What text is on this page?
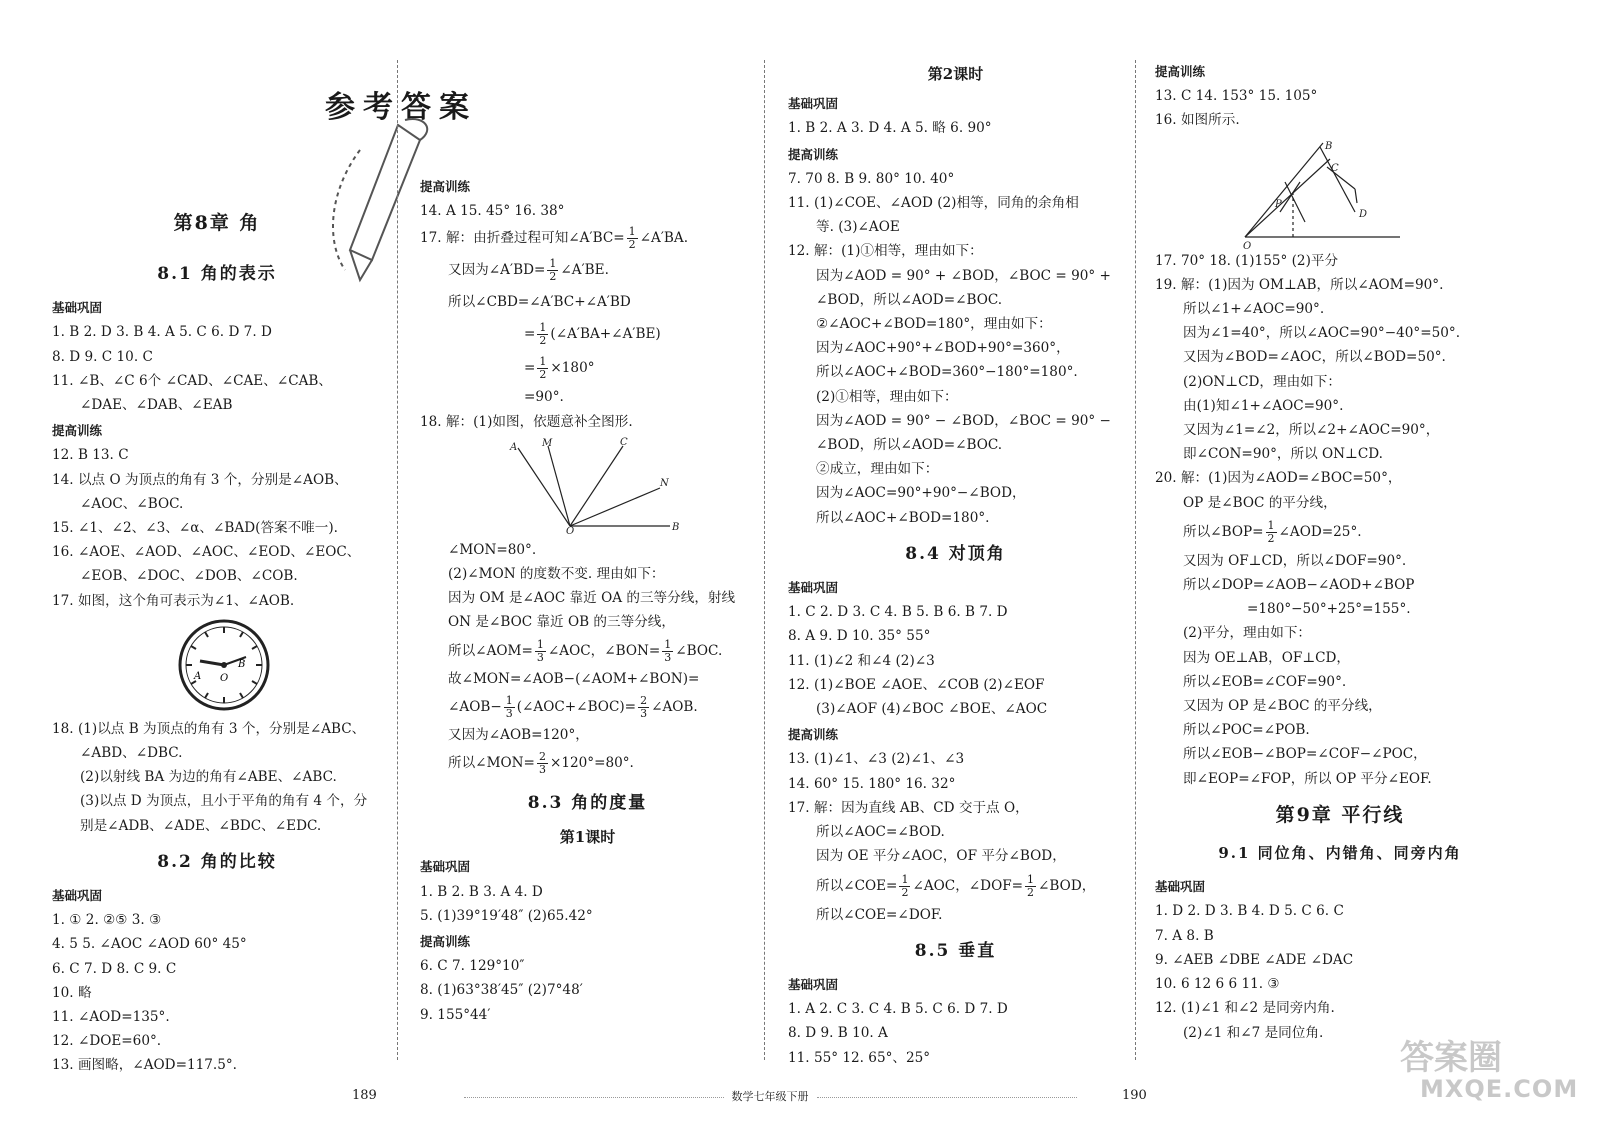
参考答案
第8章 角
8.1 角的表示
基础巩固
1. B 2. D 3. B 4. A 5. C 6. D 7. D
8. D 9. C 10. C
11. ∠B、∠C 6个 ∠CAD、∠CAE、∠CAB、
∠DAE、∠DAB、∠EAB
提高训练
12. B 13. C
14. 以点 O 为顶点的角有 3 个，分别是∠AOB、
∠AOC、∠BOC.
15. ∠1、∠2、∠3、∠α、∠BAD(答案不唯一).
16. ∠AOE、∠AOD、∠AOC、∠EOD、∠EOC、
∠EOB、∠DOC、∠DOB、∠COB.
17. 如图，这个角可表示为∠1、∠AOB.
A
B
O
18. (1)以点 B 为顶点的角有 3 个，分别是∠ABC、
∠ABD、∠DBC.
(2)以射线 BA 为边的角有∠ABE、∠ABC.
(3)以点 D 为顶点，且小于平角的角有 4 个，分
别是∠ADB、∠ADE、∠BDC、∠EDC.
8.2 角的比较
基础巩固
1. ① 2. ②⑤ 3. ③
4. 5 5. ∠AOC ∠AOD 60° 45°
6. C 7. D 8. C 9. C
10. 略
11. ∠AOD=135°.
12. ∠DOE=60°.
13. 画图略，∠AOD=117.5°.
提高训练
14. A 15. 45° 16. 38°
17. 解：由折叠过程可知∠A′BC= $\frac{1}{2}$ ∠A′BA.
又因为∠A′BD= $\frac{1}{2}$ ∠A′BE.
所以∠CBD=∠A′BC+∠A′BD
= $\frac{1}{2}$ (∠A′BA+∠A′BE)
= $\frac{1}{2} \times 180^\circ$
=90°.
18. 解：(1)如图，依题意补全图形.
A M	C
N
B
O
∠MON=80°.
(2)∠MON 的度数不变. 理由如下：
因为 OM 是∠AOC 靠近 OA 的三等分线，射线
ON 是∠BOC 靠近 OB 的三等分线，
所以∠AOM= $\frac{1}{3}$ ∠AOC，∠BON= $\frac{1}{3}$ ∠BOC.
故∠MON=∠AOB−(∠AOM+∠BON)=
∠AOB− $\frac{1}{3}$ (∠AOC+∠BOC)= $\frac{2}{3}$ ∠AOB.
又因为∠AOB=120°，
所以∠MON= $\frac{2}{3} \times 120^\circ=80^\circ$.
8.3 角的度量
第1课时
基础巩固
1. B 2. B 3. A 4. D
5. (1)39°19′48″ (2)65.42°
提高训练
6. C 7. 129°10″
8. (1)63°38′45″ (2)7°48′
9. 155°44′
第2课时
基础巩固
1. B 2. A 3. D 4. A 5. 略 6. 90°
提高训练
7. 70 8. B 9. 80° 10. 40°
11. (1)∠COE、∠AOD (2)相等，同角的余角相
等. (3)∠AOE
12. 解：(1)①相等，理由如下：
因为∠AOD = 90° + ∠BOD，∠BOC = 90° +
∠BOD，所以∠AOD=∠BOC.
②∠AOC+∠BOD=180°，理由如下：
因为∠AOC+90°+∠BOD+90°=360°，
所以∠AOC+∠BOD=360°−180°=180°.
(2)①相等，理由如下：
因为∠AOD = 90° − ∠BOD，∠BOC = 90° −
∠BOD，所以∠AOD=∠BOC.
②成立，理由如下：
因为∠AOC=90°+90°−∠BOD，
所以∠AOC+∠BOD=180°.
8.4 对顶角
基础巩固
1. C 2. D 3. C 4. B 5. B 6. B 7. D
8. A 9. D 10. 35° 55°
11. (1)∠2 和∠4 (2)∠3
12. (1)∠BOE ∠AOE、∠COB (2)∠EOF
(3)∠AOF (4)∠BOC ∠BOE、∠AOC
提高训练
13. (1)∠1、∠3 (2)∠1、∠3
14. 60° 15. 180° 16. 32°
17. 解：因为直线 AB、CD 交于点 O，
所以∠AOC=∠BOD.
因为 OE 平分∠AOC，OF 平分∠BOD，
所以∠COE= $\frac{1}{2}$ ∠AOC，∠DOF= $\frac{1}{2}$ ∠BOD，
所以∠COE=∠DOF.
8.5 垂直
基础巩固
1. A 2. C 3. C 4. B 5. C 6. D 7. D
8. D 9. B 10. A
11. 55° 12. 65°、25°
提高训练
13. C 14. 153° 15. 105°
16. 如图所示.
B
C
D
P
O
17. 70° 18. (1)155° (2)平分
19. 解：(1)因为 OM⊥AB，所以∠AOM=90°.
所以∠1+∠AOC=90°.
因为∠1=40°，所以∠AOC=90°−40°=50°.
又因为∠BOD=∠AOC，所以∠BOD=50°.
(2)ON⊥CD，理由如下：
由(1)知∠1+∠AOC=90°.
又因为∠1=∠2，所以∠2+∠AOC=90°，
即∠CON=90°，所以 ON⊥CD.
20. 解：(1)因为∠AOD=∠BOC=50°，
OP 是∠BOC 的平分线，
所以∠BOP= $\frac{1}{2}$ ∠AOD=25°.
又因为 OF⊥CD，所以∠DOF=90°.
所以∠DOP=∠AOB−∠AOD+∠BOP
=180°−50°+25°=155°.
(2)平分，理由如下：
因为 OE⊥AB，OF⊥CD，
所以∠EOB=∠COF=90°.
又因为 OP 是∠BOC 的平分线，
所以∠POC=∠POB.
所以∠EOB−∠BOP=∠COF−∠POC，
即∠EOP=∠FOP，所以 OP 平分∠EOF.
第9章 平行线
9.1 同位角、内错角、同旁内角
基础巩固
1. D 2. D 3. B 4. D 5. C 6. C
7. A 8. B
9. ∠AEB ∠DBE ∠ADE ∠DAC
10. 6 12 6 6 11. ③
12. (1)∠1 和∠2 是同旁内角.
(2)∠1 和∠7 是同位角.
189	190
数学七年级下册
答案圈
MXQE.COM
